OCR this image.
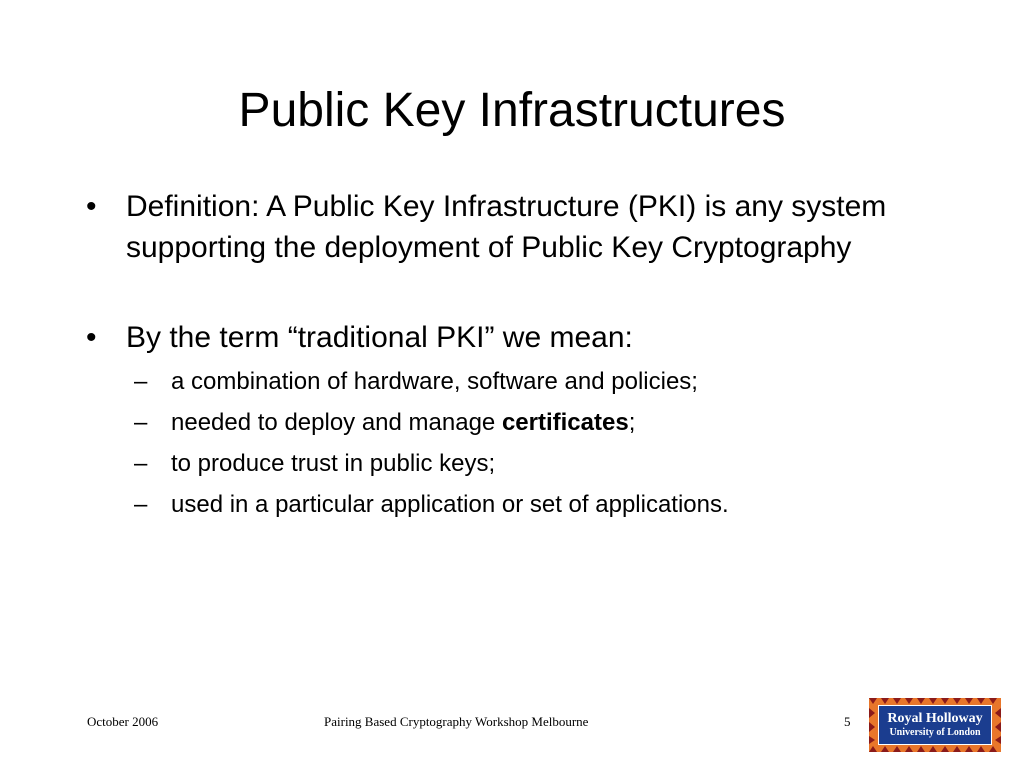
Public Key Infrastructures
• Definition: A Public Key Infrastructure (PKI) is any system supporting the deployment of Public Key Cryptography
• By the term “traditional PKI” we mean:
– a combination of hardware, software and policies;
– needed to deploy and manage certificates;
– to produce trust in public keys;
– used in a particular application or set of applications.
October 2006	Pairing Based Cryptography Workshop Melbourne	5	Royal Holloway
University of London
